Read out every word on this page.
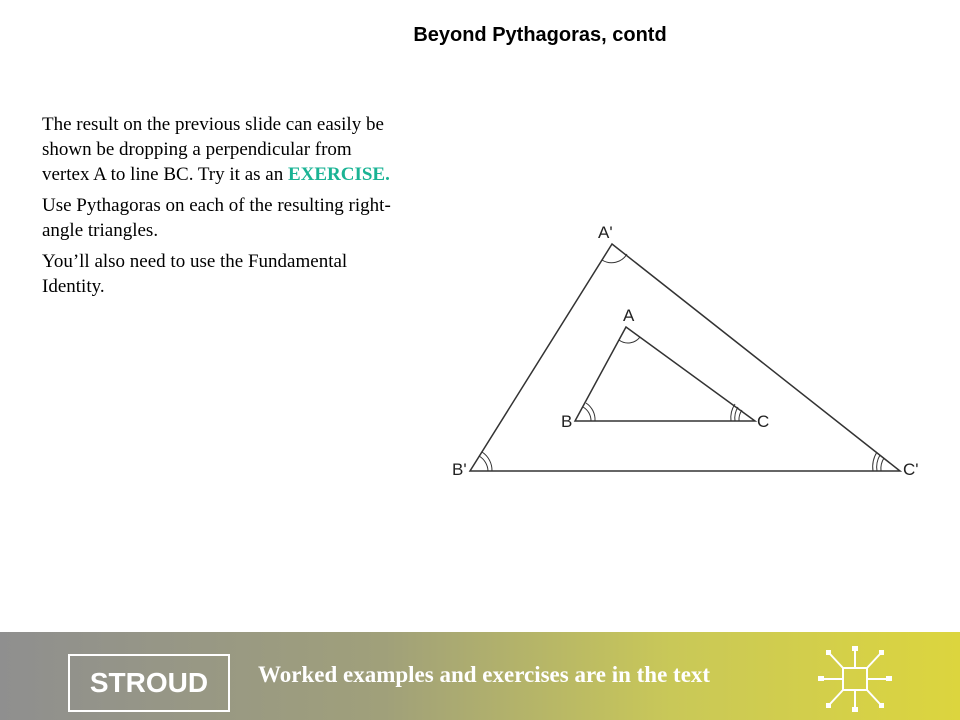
Beyond Pythagoras, contd

The result on the previous slide can easily be shown be dropping a perpendicular from vertex A to line BC. Try it as an EXERCISE.

Use Pythagoras on each of the resulting right-angle triangles.

You’ll also need to use the Fundamental Identity.

A'
B'	C'
A
B	C
STROUD	Worked examples and exercises are in the text
